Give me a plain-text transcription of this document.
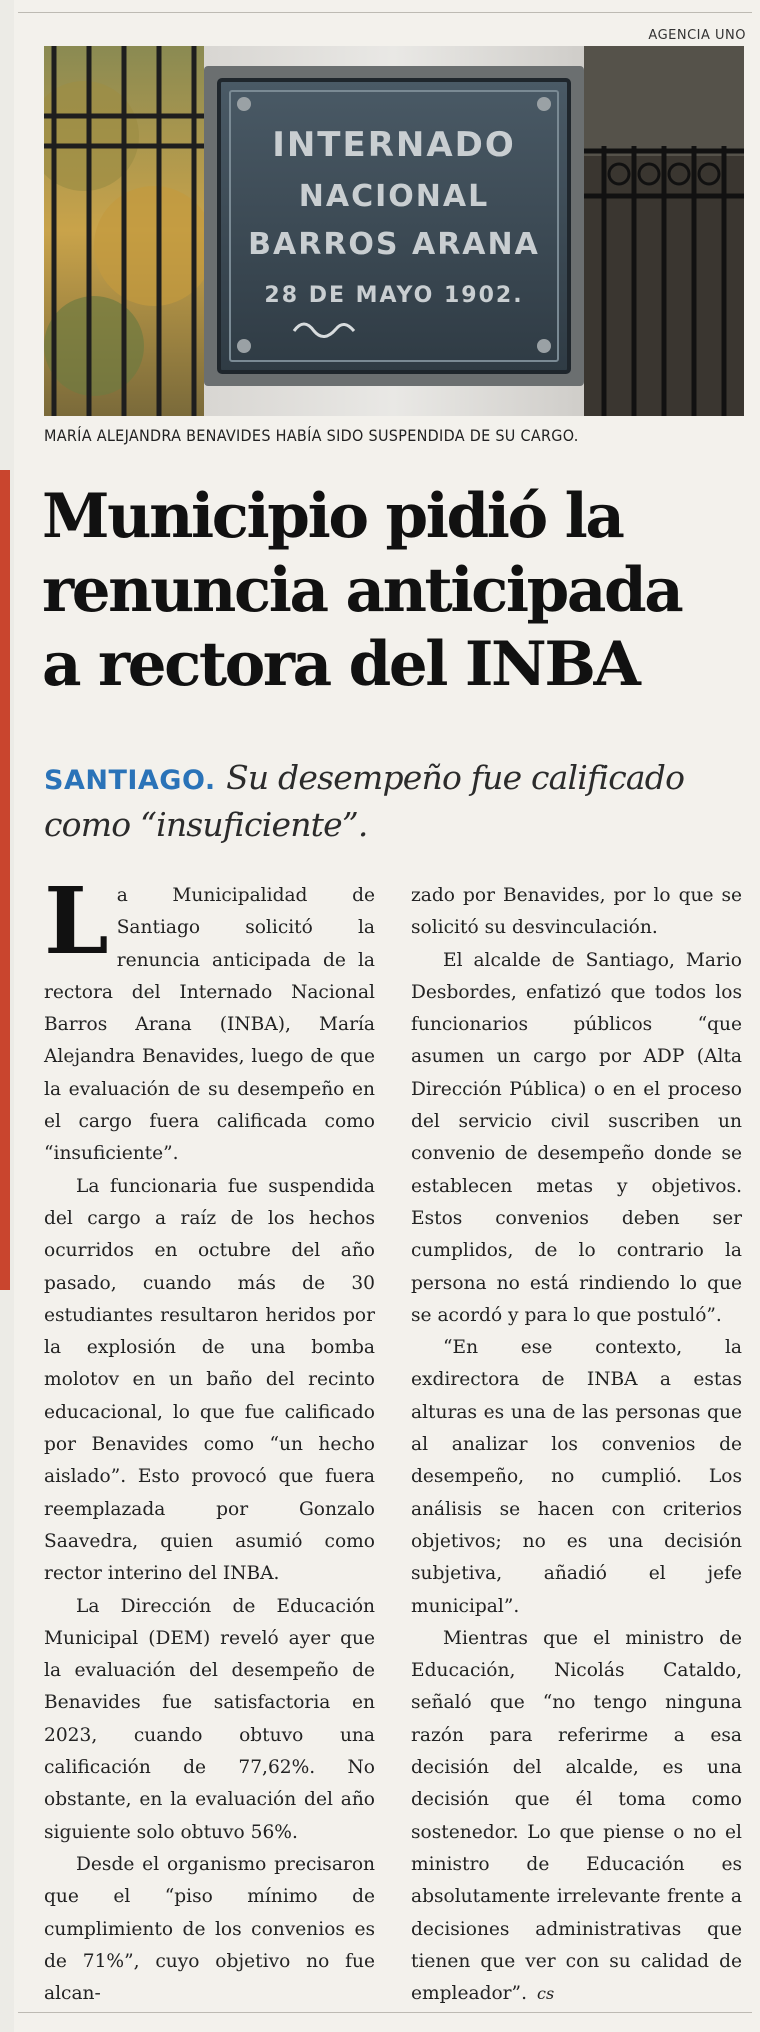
AGENCIA UNO
INTERNADO
NACIONAL
BARROS ARANA
28 DE MAYO 1902.
MARÍA ALEJANDRA BENAVIDES HABÍA SIDO SUSPENDIDA DE SU CARGO.
Municipio pidió la
renuncia anticipada
a rectora del INBA
SANTIAGO. Su desempeño fue calificado como “insuficiente”.

La Municipalidad de Santiago solicitó la renuncia anticipada de la rectora del Internado Nacional Barros Arana (INBA), María Alejandra Benavides, luego de que la evaluación de su desempeño en el cargo fuera calificada como “insuficiente”.

La funcionaria fue suspendida del cargo a raíz de los hechos ocurridos en octubre del año pasado, cuando más de 30 estudiantes resultaron heridos por la explosión de una bomba molotov en un baño del recinto educacional, lo que fue calificado por Benavides como “un hecho aislado”. Esto provocó que fuera reemplazada por Gonzalo Saavedra, quien asumió como rector interino del INBA.

La Dirección de Educación Municipal (DEM) reveló ayer que la evaluación del desempeño de Benavides fue satisfactoria en 2023, cuando obtuvo una calificación de 77,62%. No obstante, en la evaluación del año siguiente solo obtuvo 56%.

Desde el organismo precisaron que el “piso mínimo de cumplimiento de los convenios es de 71%”, cuyo objetivo no fue alcan-

zado por Benavides, por lo que se solicitó su desvinculación.

El alcalde de Santiago, Mario Desbordes, enfatizó que todos los funcionarios públicos “que asumen un cargo por ADP (Alta Dirección Pública) o en el proceso del servicio civil suscriben un convenio de desempeño donde se establecen metas y objetivos. Estos convenios deben ser cumplidos, de lo contrario la persona no está rindiendo lo que se acordó y para lo que postuló”.

“En ese contexto, la exdirectora de INBA a estas alturas es una de las personas que al analizar los convenios de desempeño, no cumplió. Los análisis se hacen con criterios objetivos; no es una decisión subjetiva, añadió el jefe municipal”.

Mientras que el ministro de Educación, Nicolás Cataldo, señaló que “no tengo ninguna razón para referirme a esa decisión del alcalde, es una decisión que él toma como sostenedor. Lo que piense o no el ministro de Educación es absolutamente irrelevante frente a decisiones administrativas que tienen que ver con su calidad de empleador”. cs
